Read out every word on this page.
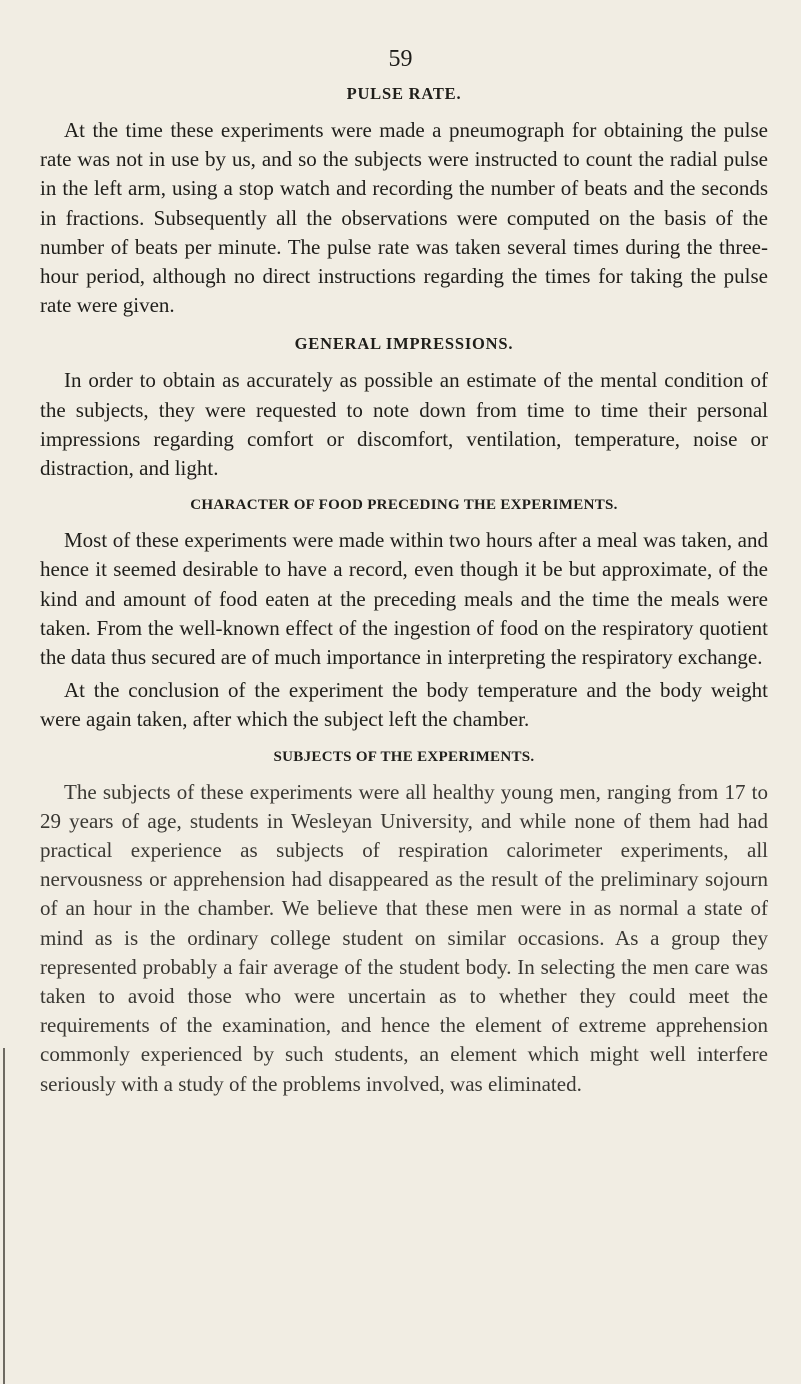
59
PULSE RATE.

At the time these experiments were made a pneumograph for obtaining the pulse rate was not in use by us, and so the subjects were instructed to count the radial pulse in the left arm, using a stop watch and recording the number of beats and the seconds in fractions. Subsequently all the observations were computed on the basis of the number of beats per minute. The pulse rate was taken several times during the three-hour period, although no direct instructions regarding the times for taking the pulse rate were given.

GENERAL IMPRESSIONS.

In order to obtain as accurately as possible an estimate of the mental condition of the subjects, they were requested to note down from time to time their personal impressions regarding comfort or discomfort, ventilation, temperature, noise or distraction, and light.

CHARACTER OF FOOD PRECEDING THE EXPERIMENTS.

Most of these experiments were made within two hours after a meal was taken, and hence it seemed desirable to have a record, even though it be but approximate, of the kind and amount of food eaten at the preceding meals and the time the meals were taken. From the well-known effect of the ingestion of food on the respiratory quotient the data thus secured are of much importance in interpreting the respiratory exchange.

At the conclusion of the experiment the body temperature and the body weight were again taken, after which the subject left the chamber.

SUBJECTS OF THE EXPERIMENTS.

The subjects of these experiments were all healthy young men, ranging from 17 to 29 years of age, students in Wesleyan University, and while none of them had had practical experience as subjects of respiration calorimeter experiments, all nervousness or apprehension had disappeared as the result of the preliminary sojourn of an hour in the chamber. We believe that these men were in as normal a state of mind as is the ordinary college student on similar occasions. As a group they represented probably a fair average of the student body. In selecting the men care was taken to avoid those who were uncertain as to whether they could meet the requirements of the examination, and hence the element of extreme apprehension commonly experienced by such students, an element which might well interfere seriously with a study of the problems involved, was eliminated.
